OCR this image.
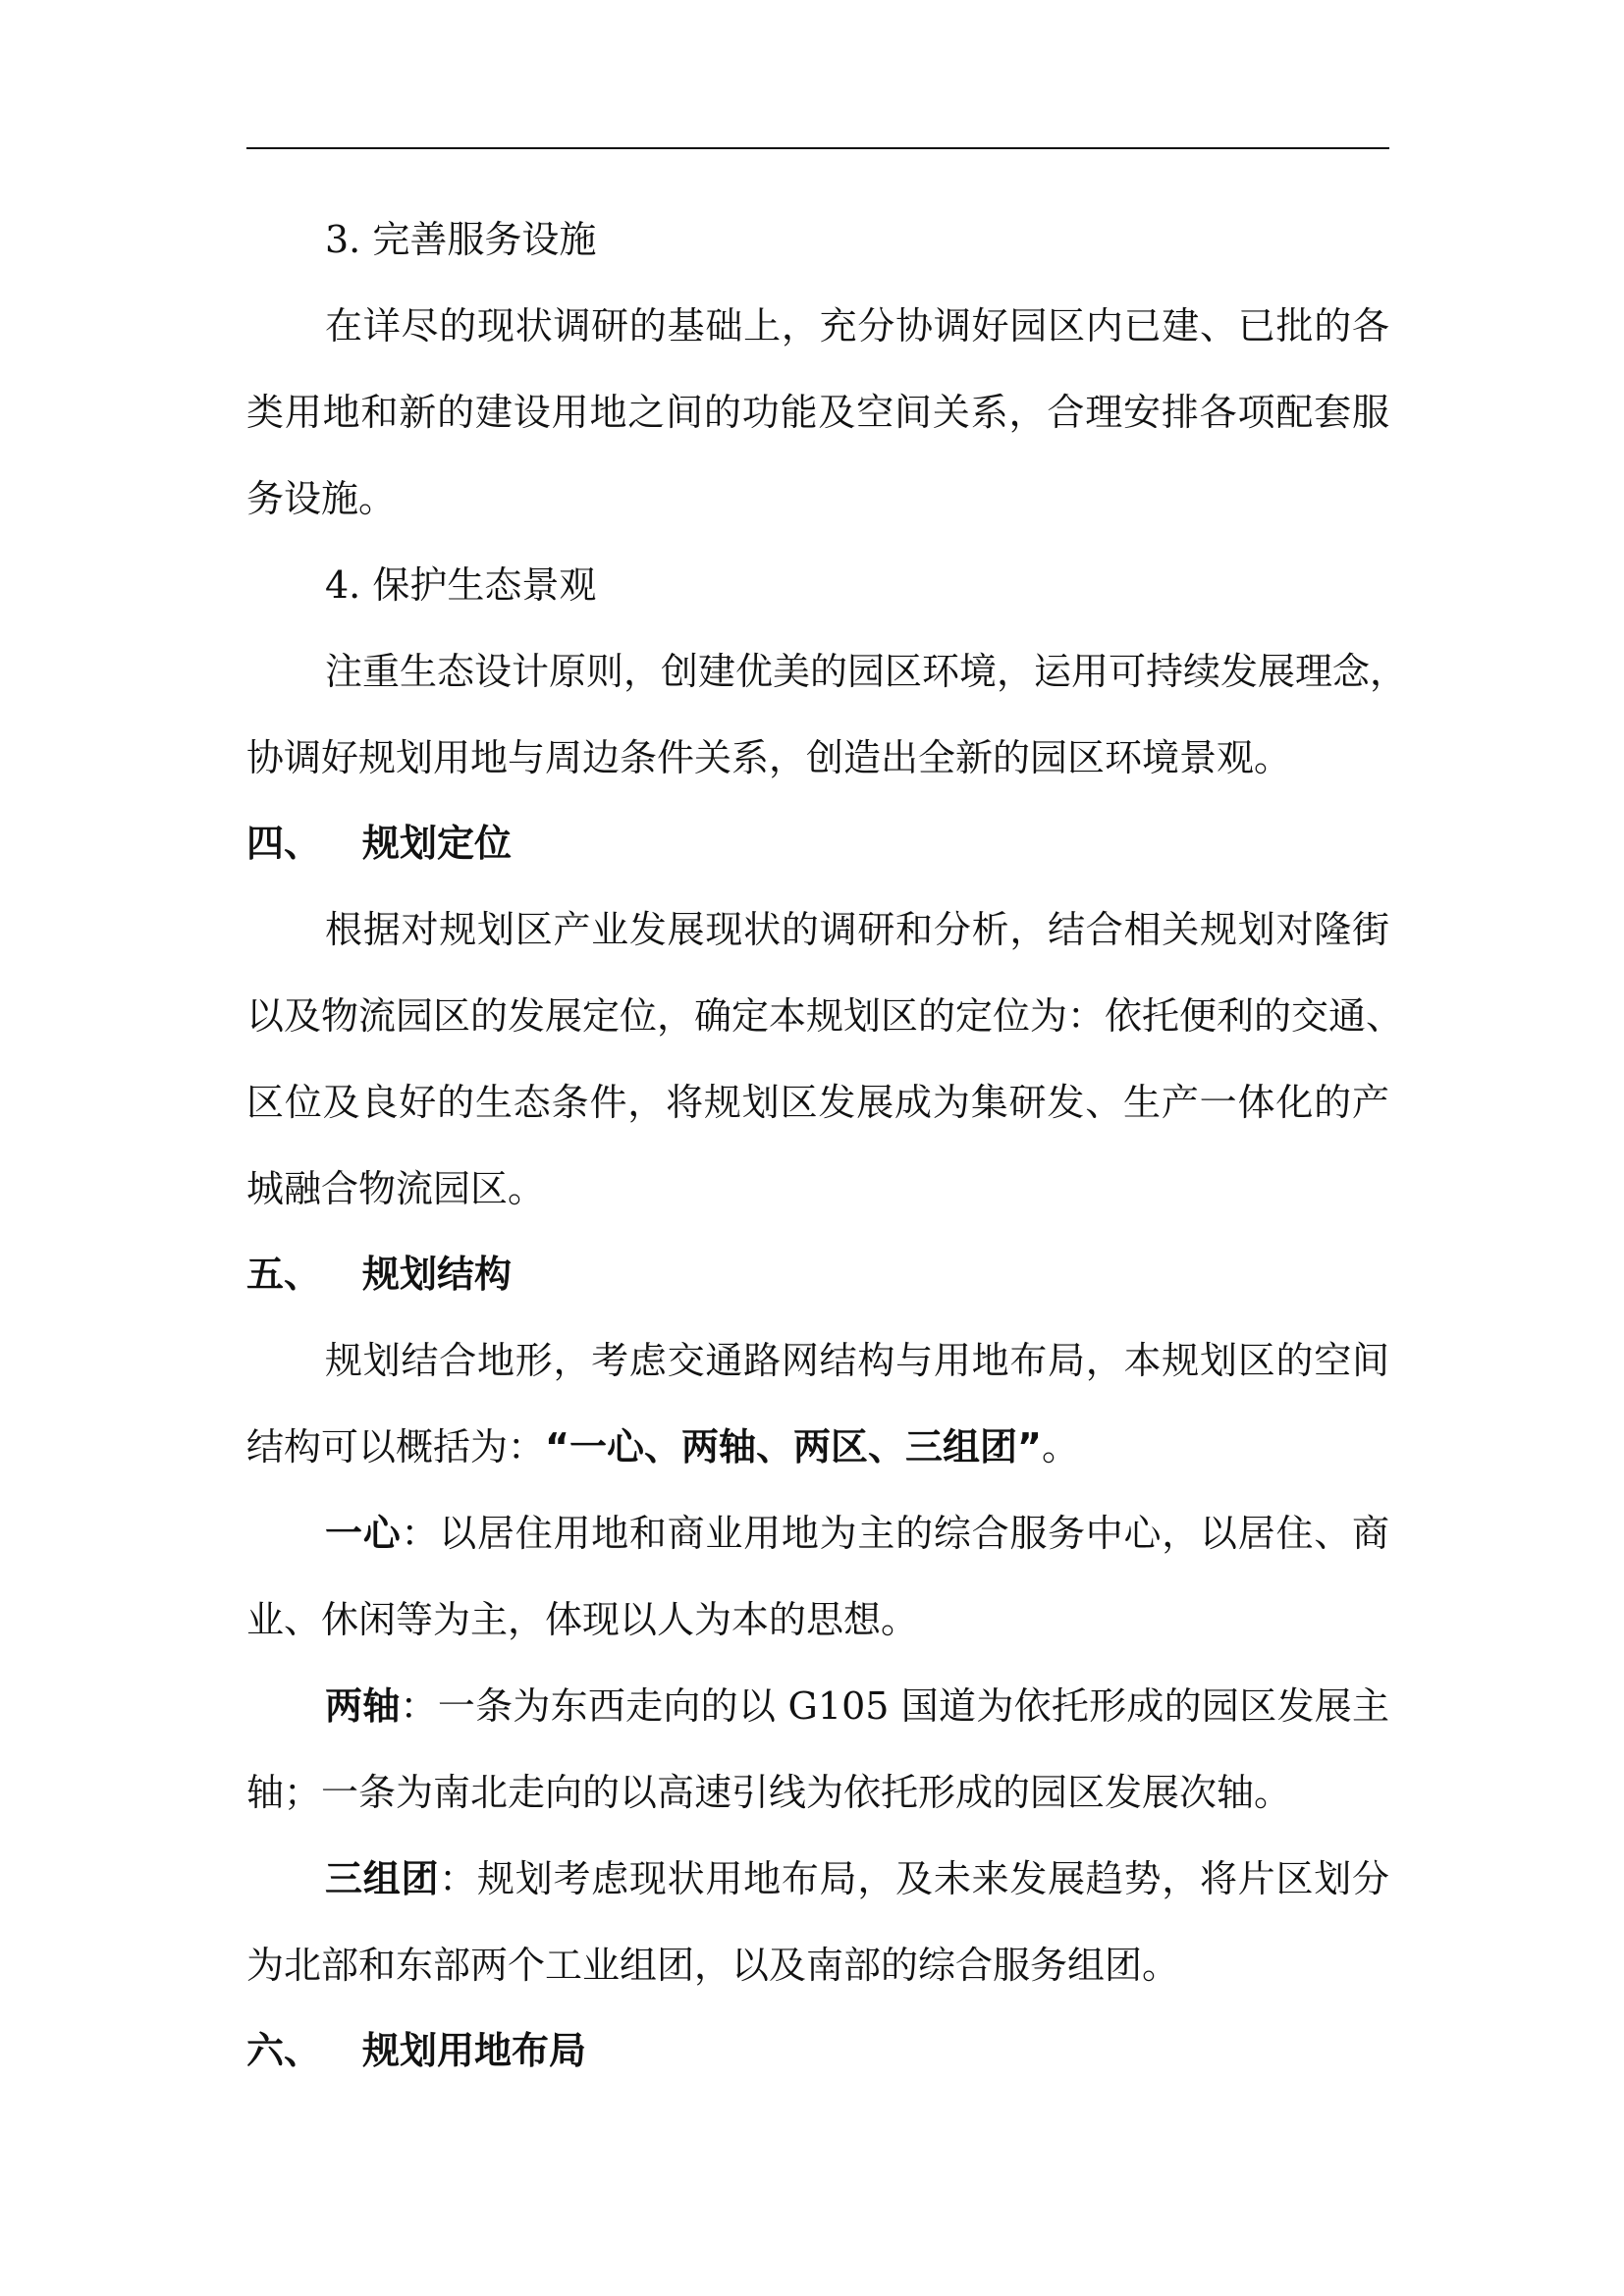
3. 完善服务设施

在详尽的现状调研的基础上，充分协调好园区内已建、已批的各

类用地和新的建设用地之间的功能及空间关系，合理安排各项配套服

务设施。

4. 保护生态景观

注重生态设计原则，创建优美的园区环境，运用可持续发展理念，

协调好规划用地与周边条件关系，创造出全新的园区环境景观。

四、 规划定位

根据对规划区产业发展现状的调研和分析，结合相关规划对隆街

以及物流园区的发展定位，确定本规划区的定位为：依托便利的交通、

区位及良好的生态条件，将规划区发展成为集研发、生产一体化的产

城融合物流园区。

五、 规划结构

规划结合地形，考虑交通路网结构与用地布局，本规划区的空间

结构可以概括为：“一心、两轴、两区、三组团”。

一心：以居住用地和商业用地为主的综合服务中心，以居住、商

业、休闲等为主，体现以人为本的思想。

两轴：一条为东西走向的以 G105 国道为依托形成的园区发展主

轴；一条为南北走向的以高速引线为依托形成的园区发展次轴。

三组团：规划考虑现状用地布局，及未来发展趋势，将片区划分

为北部和东部两个工业组团，以及南部的综合服务组团。

六、 规划用地布局
